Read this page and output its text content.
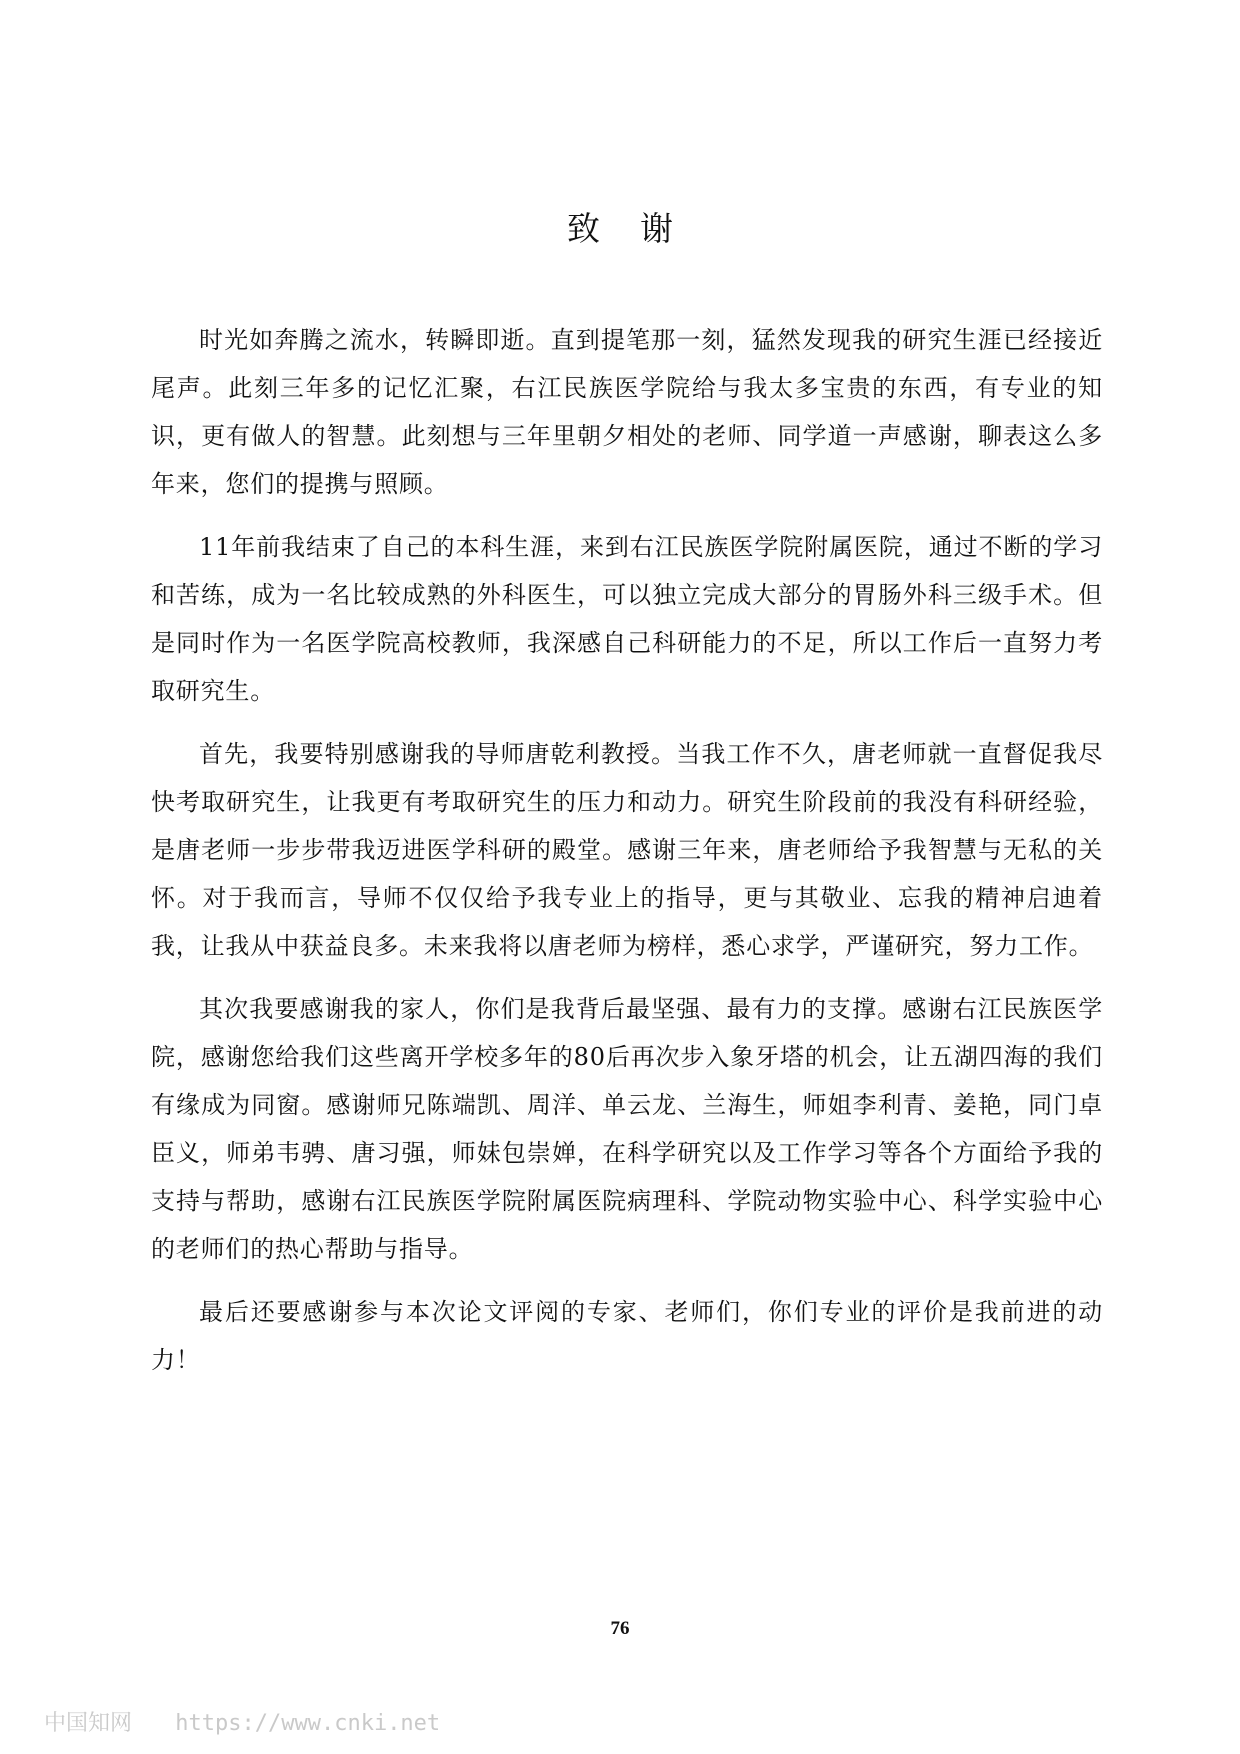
致谢

时光如奔腾之流水，转瞬即逝。直到提笔那一刻，猛然发现我的研究生涯已经接近尾声。此刻三年多的记忆汇聚，右江民族医学院给与我太多宝贵的东西，有专业的知识，更有做人的智慧。此刻想与三年里朝夕相处的老师、同学道一声感谢，聊表这么多年来，您们的提携与照顾。

11年前我结束了自己的本科生涯，来到右江民族医学院附属医院，通过不断的学习和苦练，成为一名比较成熟的外科医生，可以独立完成大部分的胃肠外科三级手术。但是同时作为一名医学院高校教师，我深感自己科研能力的不足，所以工作后一直努力考取研究生。

首先，我要特别感谢我的导师唐乾利教授。当我工作不久，唐老师就一直督促我尽快考取研究生，让我更有考取研究生的压力和动力。研究生阶段前的我没有科研经验，是唐老师一步步带我迈进医学科研的殿堂。感谢三年来，唐老师给予我智慧与无私的关怀。对于我而言，导师不仅仅给予我专业上的指导，更与其敬业、忘我的精神启迪着我，让我从中获益良多。未来我将以唐老师为榜样，悉心求学，严谨研究，努力工作。

其次我要感谢我的家人，你们是我背后最坚强、最有力的支撑。感谢右江民族医学院，感谢您给我们这些离开学校多年的80后再次步入象牙塔的机会，让五湖四海的我们有缘成为同窗。感谢师兄陈端凯、周洋、单云龙、兰海生，师姐李利青、姜艳，同门卓臣义，师弟韦骋、唐习强，师妹包崇婵，在科学研究以及工作学习等各个方面给予我的支持与帮助，感谢右江民族医学院附属医院病理科、学院动物实验中心、科学实验中心的老师们的热心帮助与指导。

最后还要感谢参与本次论文评阅的专家、老师们，你们专业的评价是我前进的动力！

76

中国知网 https://www.cnki.net
